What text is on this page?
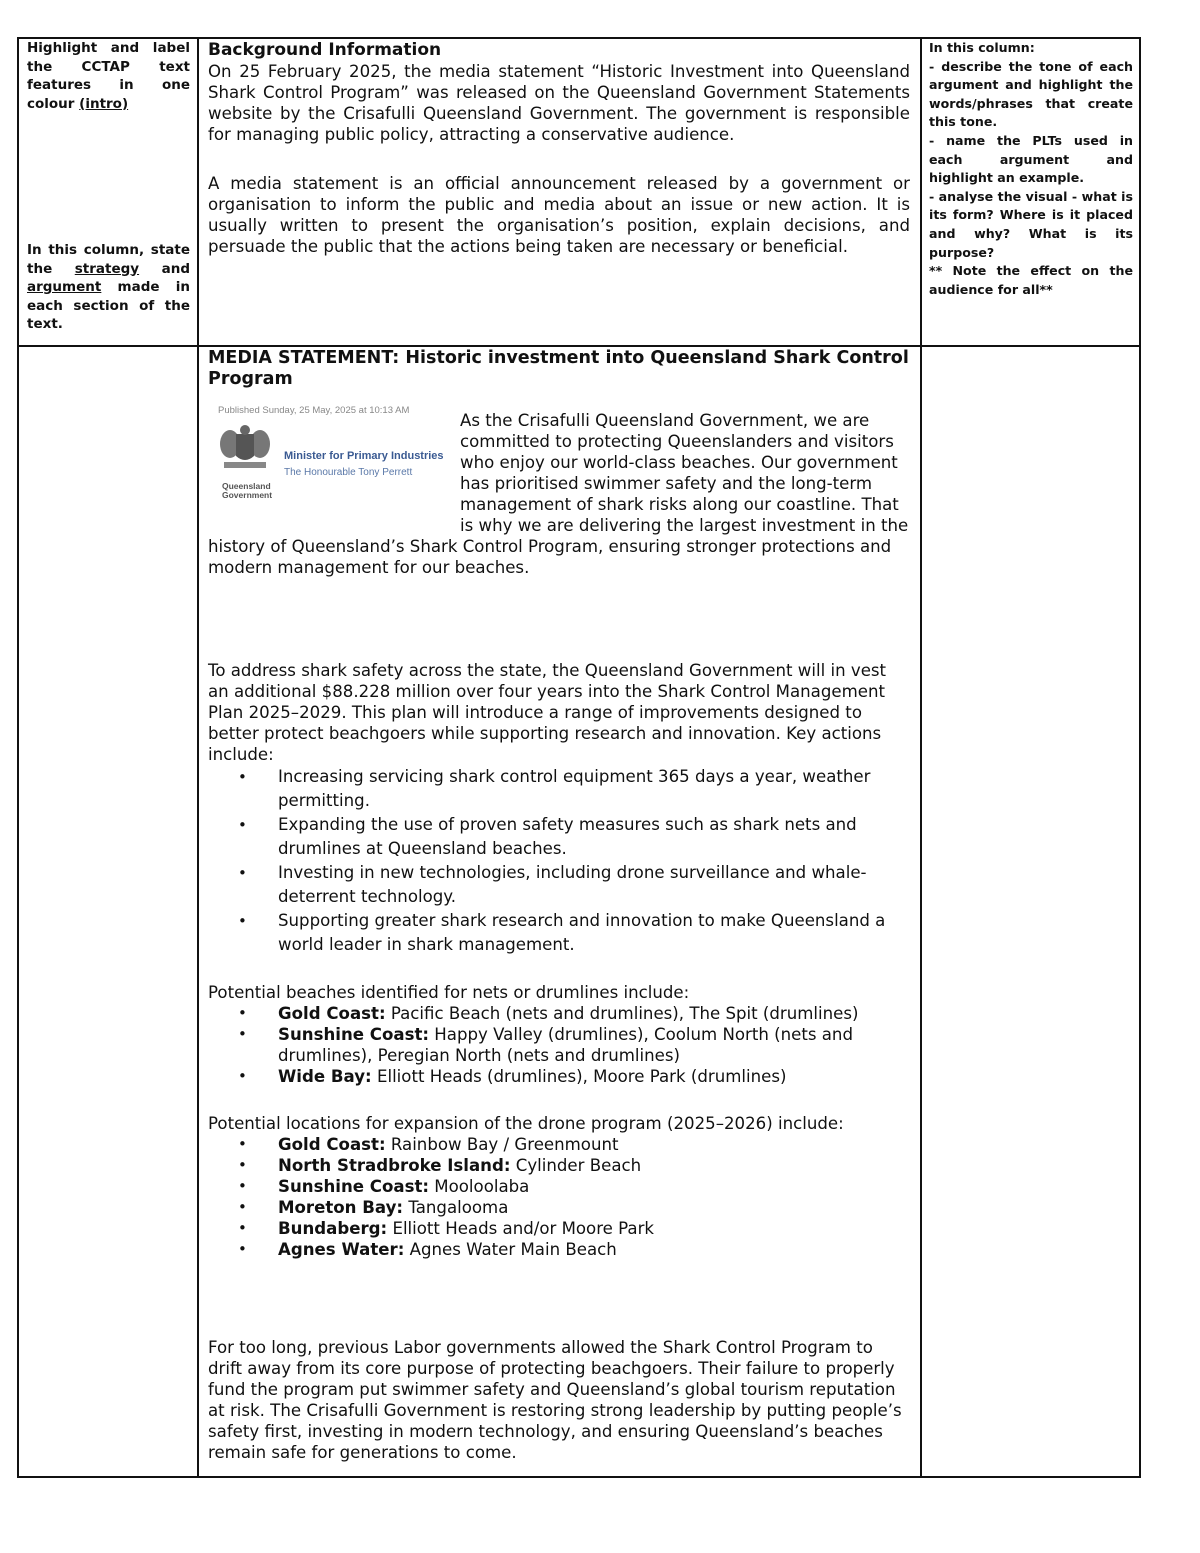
Highlight and label the CCTAP text features in one colour (intro)

In this column, state the strategy and argument made in each section of the text.

Background Information

On 25 February 2025, the media statement “Historic Investment into Queensland Shark Control Program” was released on the Queensland Government Statements website by the Crisafulli Queensland Government. The government is responsible for managing public policy, attracting a conservative audience.

A media statement is an official announcement released by a government or organisation to inform the public and media about an issue or new action. It is usually written to present the organisation’s position, explain decisions, and persuade the public that the actions being taken are necessary or beneficial.

In this column:

- describe the tone of each argument and highlight the words/phrases that create this tone.

- name the PLTs used in each argument and highlight an example.

- analyse the visual - what is its form? Where is it placed and why? What is its purpose?

** Note the effect on the audience for all**

MEDIA STATEMENT: Historic investment into Queensland Shark Control Program
Published Sunday, 25 May, 2025 at 10:13 AM
Minister for Primary Industries
The Honourable Tony Perrett
Queensland Government

As the Crisafulli Queensland Government, we are committed to protecting Queenslanders and visitors who enjoy our world-class beaches. Our government has prioritised swimmer safety and the long-term management of shark risks along our coastline. That is why we are delivering the largest investment in the history of Queensland’s Shark Control Program, ensuring stronger protections and modern management for our beaches.

To address shark safety across the state, the Queensland Government will in vest an additional $88.228 million over four years into the Shark Control Management Plan 2025–2029. This plan will introduce a range of improvements designed to better protect beachgoers while supporting research and innovation. Key actions include:

• Increasing servicing shark control equipment 365 days a year, weather permitting.
• Expanding the use of proven safety measures such as shark nets and drumlines at Queensland beaches.
• Investing in new technologies, including drone surveillance and whale-deterrent technology.
• Supporting greater shark research and innovation to make Queensland a world leader in shark management.

Potential beaches identified for nets or drumlines include:

• Gold Coast: Pacific Beach (nets and drumlines), The Spit (drumlines)
• Sunshine Coast: Happy Valley (drumlines), Coolum North (nets and drumlines), Peregian North (nets and drumlines)
• Wide Bay: Elliott Heads (drumlines), Moore Park (drumlines)

Potential locations for expansion of the drone program (2025–2026) include:

• Gold Coast: Rainbow Bay / Greenmount
• North Stradbroke Island: Cylinder Beach
• Sunshine Coast: Mooloolaba
• Moreton Bay: Tangalooma
• Bundaberg: Elliott Heads and/or Moore Park
• Agnes Water: Agnes Water Main Beach

For too long, previous Labor governments allowed the Shark Control Program to drift away from its core purpose of protecting beachgoers. Their failure to properly fund the program put swimmer safety and Queensland’s global tourism reputation at risk. The Crisafulli Government is restoring strong leadership by putting people’s safety first, investing in modern technology, and ensuring Queensland’s beaches remain safe for generations to come.
